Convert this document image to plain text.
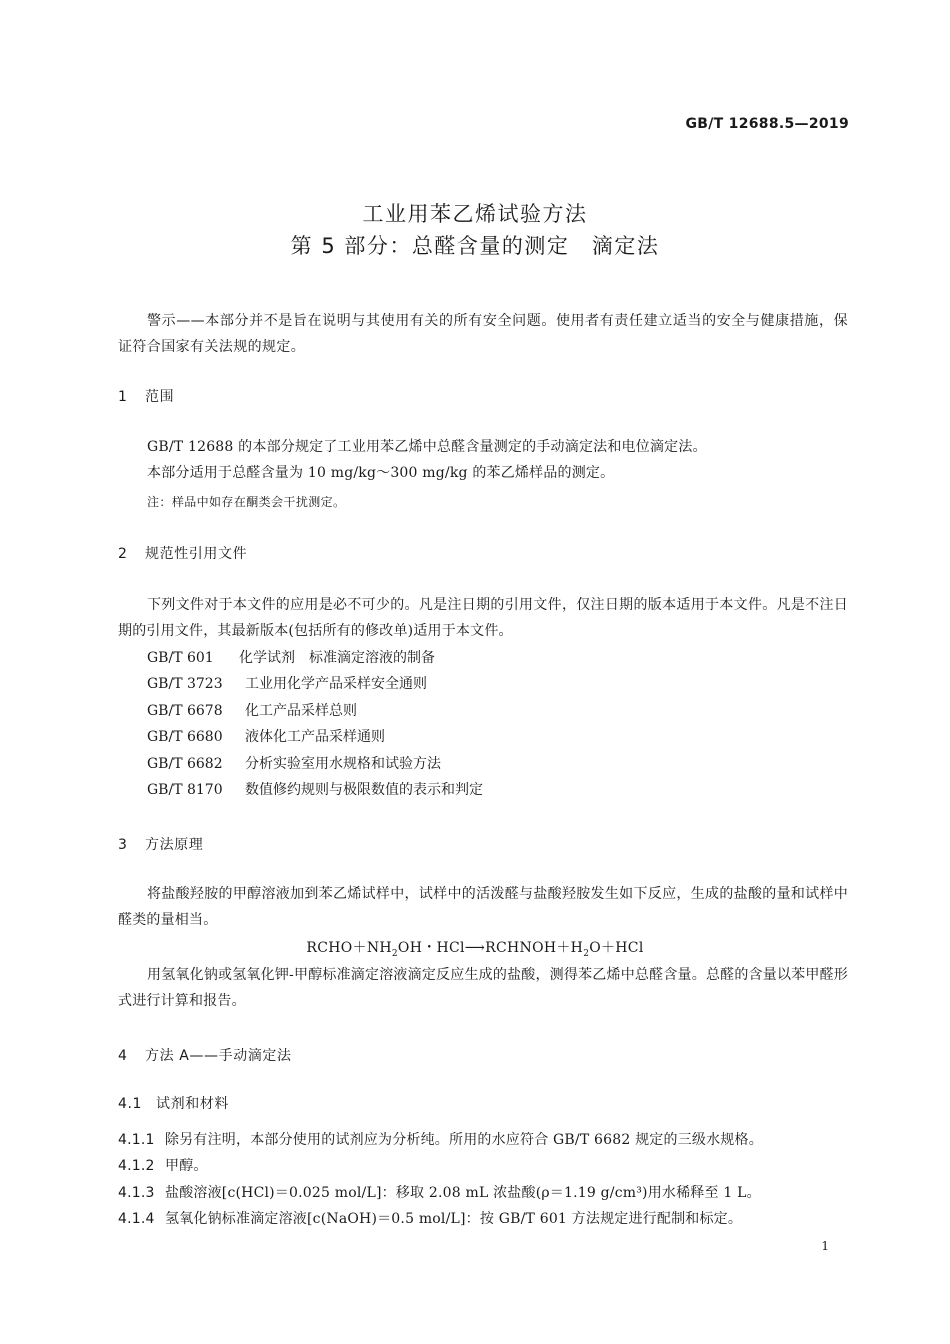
GB/T 12688.5—2019
工业用苯乙烯试验方法
第 5 部分：总醛含量的测定　滴定法
警示——本部分并不是旨在说明与其使用有关的所有安全问题。使用者有责任建立适当的安全与健康措施，保证符合国家有关法规的规定。
1 范围
GB/T 12688 的本部分规定了工业用苯乙烯中总醛含量测定的手动滴定法和电位滴定法。
本部分适用于总醛含量为 10 mg/kg～300 mg/kg 的苯乙烯样品的测定。
注：样品中如存在酮类会干扰测定。
2 规范性引用文件
下列文件对于本文件的应用是必不可少的。凡是注日期的引用文件，仅注日期的版本适用于本文件。凡是不注日期的引用文件，其最新版本(包括所有的修改单)适用于本文件。
GB/T 601 化学试剂　标准滴定溶液的制备
GB/T 3723 工业用化学产品采样安全通则
GB/T 6678 化工产品采样总则
GB/T 6680 液体化工产品采样通则
GB/T 6682 分析实验室用水规格和试验方法
GB/T 8170 数值修约规则与极限数值的表示和判定
3 方法原理
将盐酸羟胺的甲醇溶液加到苯乙烯试样中，试样中的活泼醛与盐酸羟胺发生如下反应，生成的盐酸的量和试样中醛类的量相当。
$RCHO+NH_2OH$・$HCl⟶RCHNOH+H_2O+HCl$
用氢氧化钠或氢氧化钾-甲醇标准滴定溶液滴定反应生成的盐酸，测得苯乙烯中总醛含量。总醛的含量以苯甲醛形式进行计算和报告。
4 方法 A——手动滴定法
4.1 试剂和材料
4.1.1 除另有注明，本部分使用的试剂应为分析纯。所用的水应符合 GB/T 6682 规定的三级水规格。
4.1.2 甲醇。
4.1.3 盐酸溶液[c(HCl)＝0.025 mol/L]：移取 2.08 mL 浓盐酸(ρ＝1.19 g/cm³)用水稀释至 1 L。
4.1.4 氢氧化钠标准滴定溶液[c(NaOH)＝0.5 mol/L]：按 GB/T 601 方法规定进行配制和标定。
1
